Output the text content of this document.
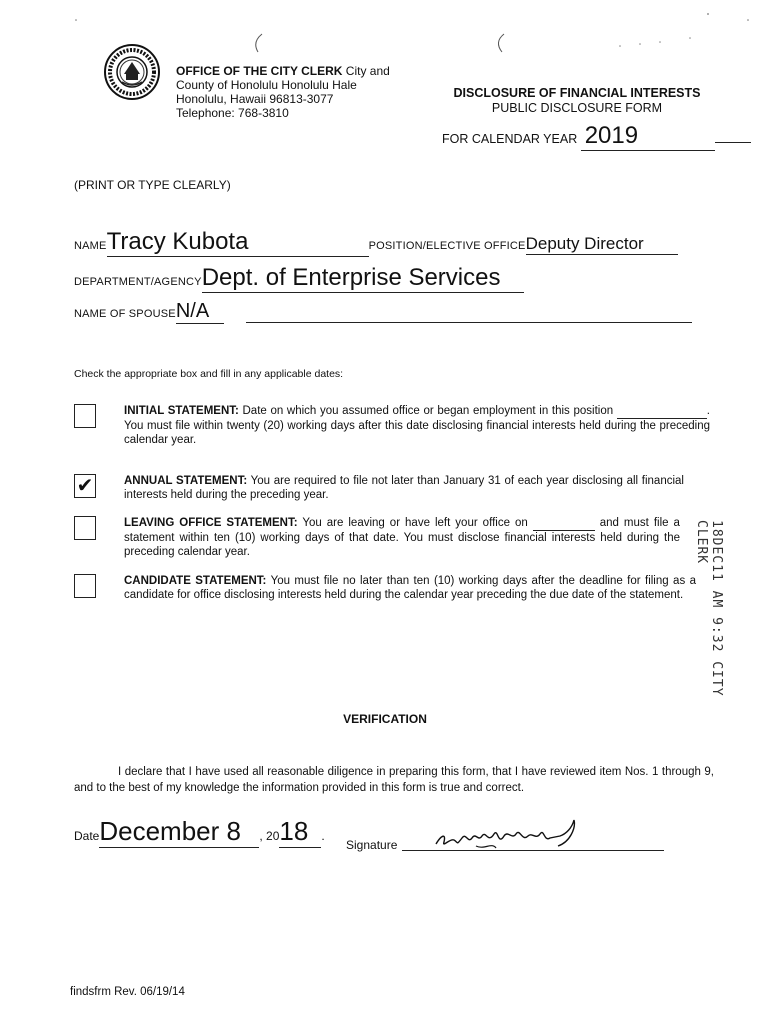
OFFICE OF THE CITY CLERK City and
County of Honolulu Honolulu Hale
Honolulu, Hawaii 96813-3077
Telephone: 768-3810
DISCLOSURE OF FINANCIAL INTERESTS
PUBLIC DISCLOSURE FORM
FOR CALENDAR YEAR 2019
(PRINT OR TYPE CLEARLY)
NAMETracy Kubota	POSITION/ELECTIVE OFFICEDeputy Director
DEPARTMENT/AGENCYDept. of Enterprise Services
NAME OF SPOUSEN/A
Check the appropriate box and fill in any applicable dates:
INITIAL STATEMENT: Date on which you assumed office or began employment in this position	. You must file within twenty (20) working days after this date disclosing financial interests held during the preceding calendar year.
✔	ANNUAL STATEMENT: You are required to file not later than January 31 of each year disclosing all financial interests held during the preceding year.
LEAVING OFFICE STATEMENT: You are leaving or have left your office on	and must file a statement within ten (10) working days of that date. You must disclose financial interests held during the preceding calendar year.
CANDIDATE STATEMENT: You must file no later than ten (10) working days after the deadline for filing as a candidate for office disclosing interests held during the calendar year preceding the due date of the statement.	18DEC11 AM 9:32 CITY CLERK
VERIFICATION
I declare that I have used all reasonable diligence in preparing this form, that I have reviewed item Nos. 1 through 9, and to the best of my knowledge the information provided in this form is true and correct.
DateDecember 8 , 2018 .
Signature
findsfrm Rev. 06/19/14
